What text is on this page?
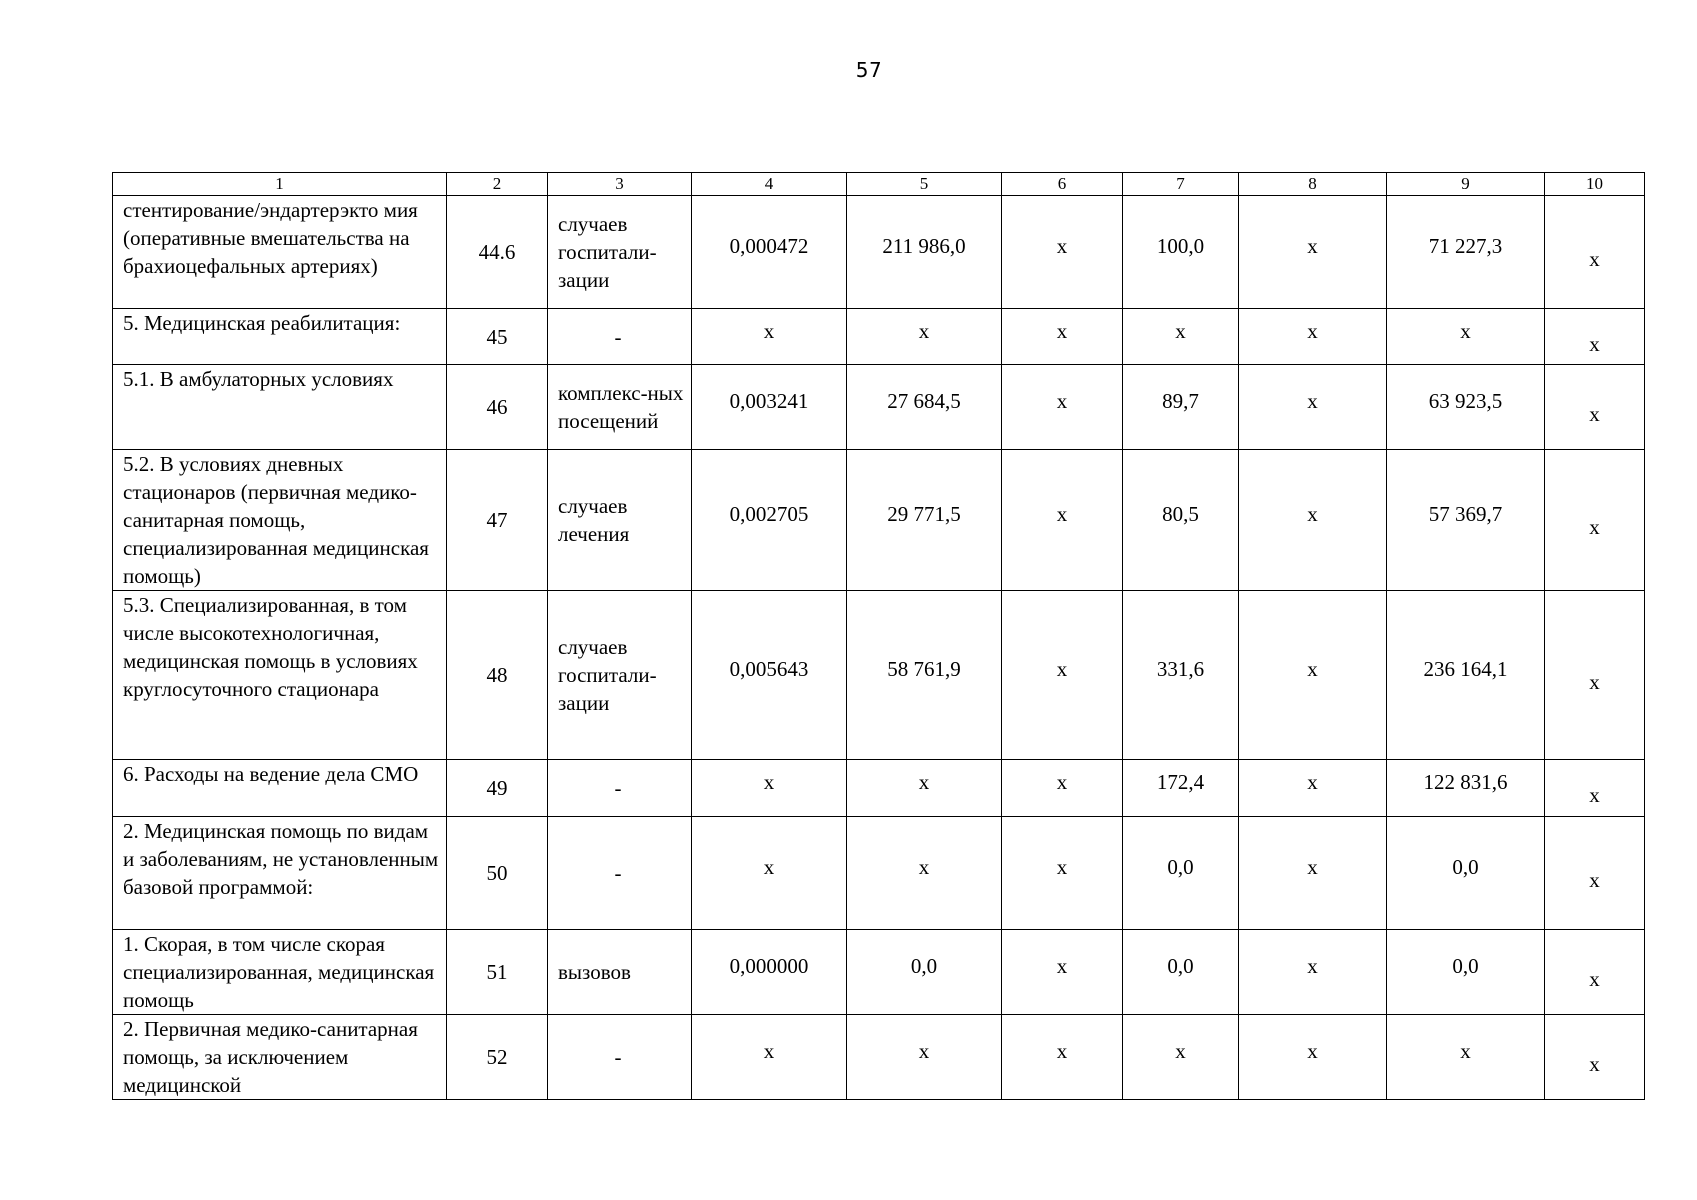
57
1	2	3	4	5	6	7	8	9	10
стентирование/эндартерэкто мия (оперативные вмешательства на брахиоцефальных артериях)	44.6	случаев госпитали-зации	0,000472	211 986,0	x	100,0	x	71 227,3	x
5. Медицинская реабилитация:	45	-	x	x	x	x	x	x	x
5.1. В амбулаторных условиях	46	комплекс-ных посещений	0,003241	27 684,5	x	89,7	x	63 923,5	x
5.2. В условиях дневных стационаров (первичная медико-санитарная помощь, специализированная медицинская помощь)	47	случаев лечения	0,002705	29 771,5	x	80,5	x	57 369,7	x
5.3. Специализированная, в том числе высокотехнологичная, медицинская помощь в условиях круглосуточного стационара	48	случаев госпитали-зации	0,005643	58 761,9	x	331,6	x	236 164,1	x
6. Расходы на ведение дела СМО	49	-	x	x	x	172,4	x	122 831,6	x
2. Медицинская помощь по видам и заболеваниям, не установленным базовой программой:	50	-	x	x	x	0,0	x	0,0	x
1. Скорая, в том числе скорая специализированная, медицинская помощь	51	вызовов	0,000000	0,0	x	0,0	x	0,0	x
2. Первичная медико-санитарная помощь, за исключением медицинской	52	-	x	x	x	x	x	x	x
